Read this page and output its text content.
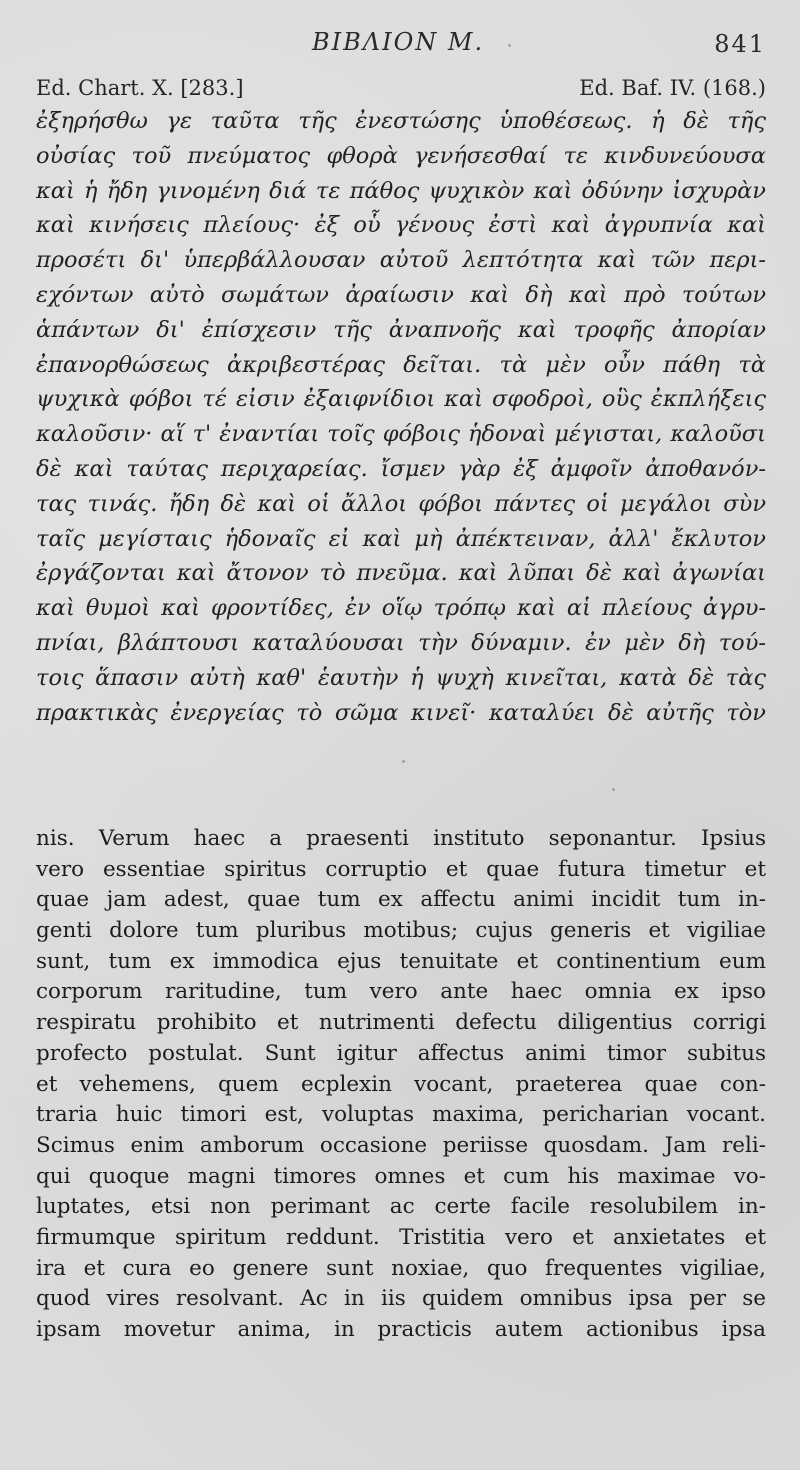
BIBΛΙΟΝ Μ.	841
Ed. Chart. X. [283.]	Ed. Baf. IV. (168.)
ἐξηρήσθω γε ταῦτα τῆς ἐνεστώσης ὑποθέσεως. ἡ δὲ τῆς
οὐσίας τοῦ πνεύματος φθορὰ γενήσεσθαί τε κινδυνεύουσα
καὶ ἡ ἤδη γινομένη διά τε πάθος ψυχικὸν καὶ ὀδύνην ἰσχυρὰν
καὶ κινήσεις πλείους· ἐξ οὗ γένους ἐστὶ καὶ ἀγρυπνία καὶ
προσέτι δι' ὑπερβάλλουσαν αὐτοῦ λεπτότητα καὶ τῶν περι-
εχόντων αὐτὸ σωμάτων ἀραίωσιν καὶ δὴ καὶ πρὸ τούτων
ἁπάντων δι' ἐπίσχεσιν τῆς ἀναπνοῆς καὶ τροφῆς ἀπορίαν
ἐπανορθώσεως ἀκριβεστέρας δεῖται. τὰ μὲν οὖν πάθη τὰ
ψυχικὰ φόβοι τέ εἰσιν ἐξαιφνίδιοι καὶ σφοδροὶ, οὓς ἐκπλήξεις
καλοῦσιν· αἵ τ' ἐναντίαι τοῖς φόβοις ἡδοναὶ μέγισται, καλοῦσι
δὲ καὶ ταύτας περιχαρείας. ἴσμεν γὰρ ἐξ ἀμφοῖν ἀποθανόν-
τας τινάς. ἤδη δὲ καὶ οἱ ἄλλοι φόβοι πάντες οἱ μεγάλοι σὺν
ταῖς μεγίσταις ἡδοναῖς εἰ καὶ μὴ ἀπέκτειναν, ἀλλ' ἔκλυτον
ἐργάζονται καὶ ἄτονον τὸ πνεῦμα. καὶ λῦπαι δὲ καὶ ἀγωνίαι
καὶ θυμοὶ καὶ φροντίδες, ἐν οἵῳ τρόπῳ καὶ αἱ πλείους ἀγρυ-
πνίαι, βλάπτουσι καταλύουσαι τὴν δύναμιν. ἐν μὲν δὴ τού-
τοις ἅπασιν αὐτὴ καθ' ἑαυτὴν ἡ ψυχὴ κινεῖται, κατὰ δὲ τὰς
πρακτικὰς ἐνεργείας τὸ σῶμα κινεῖ· καταλύει δὲ αὐτῆς τὸν
nis. Verum haec a praesenti instituto seponantur. Ipsius
vero essentiae spiritus corruptio et quae futura timetur et
quae jam adest, quae tum ex affectu animi incidit tum in-
genti dolore tum pluribus motibus; cujus generis et vigiliae
sunt, tum ex immodica ejus tenuitate et continentium eum
corporum raritudine, tum vero ante haec omnia ex ipso
respiratu prohibito et nutrimenti defectu diligentius corrigi
profecto postulat. Sunt igitur affectus animi timor subitus
et vehemens, quem ecplexin vocant, praeterea quae con-
traria huic timori est, voluptas maxima, pericharian vocant.
Scimus enim amborum occasione periisse quosdam. Jam reli-
qui quoque magni timores omnes et cum his maximae vo-
luptates, etsi non perimant ac certe facile resolubilem in-
firmumque spiritum reddunt. Tristitia vero et anxietates et
ira et cura eo genere sunt noxiae, quo frequentes vigiliae,
quod vires resolvant. Ac in iis quidem omnibus ipsa per se
ipsam movetur anima, in practicis autem actionibus ipsa
